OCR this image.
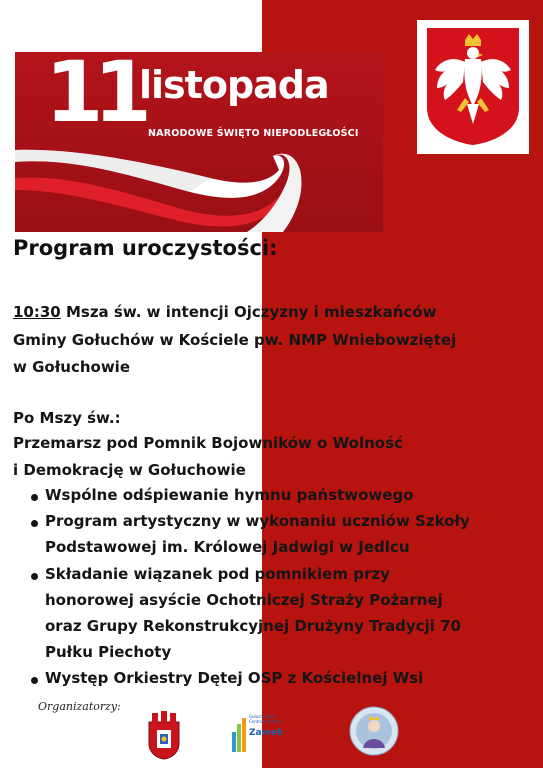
11
listopada
NARODOWE ŚWIĘTO NIEPODLEGŁOŚCI
Program uroczystości:
10:30 Msza św. w intencji Ojczyzny i mieszkańców
Gminy Gołuchów w Kościele pw. NMP Wniebowziętej
w Gołuchowie
Po Mszy św.:
Przemarsz pod Pomnik Bojowników o Wolność
i Demokrację w Gołuchowie
Wspólne odśpiewanie hymnu państwowego
Program artystyczny w wykonaniu uczniów Szkoły
Podstawowej im. Królowej Jadwigi w Jedlcu
Składanie wiązanek pod pomnikiem przy
honorowej asyście Ochotniczej Straży Pożarnej
oraz Grupy Rekonstrukcyjnej Drużyny Tradycji 70
Pułku Piechoty
Występ Orkiestry Dętej OSP z Kościelnej Wsi
Organizatorzy:
Gołuchowskie Centrum Kultury
Zamek
